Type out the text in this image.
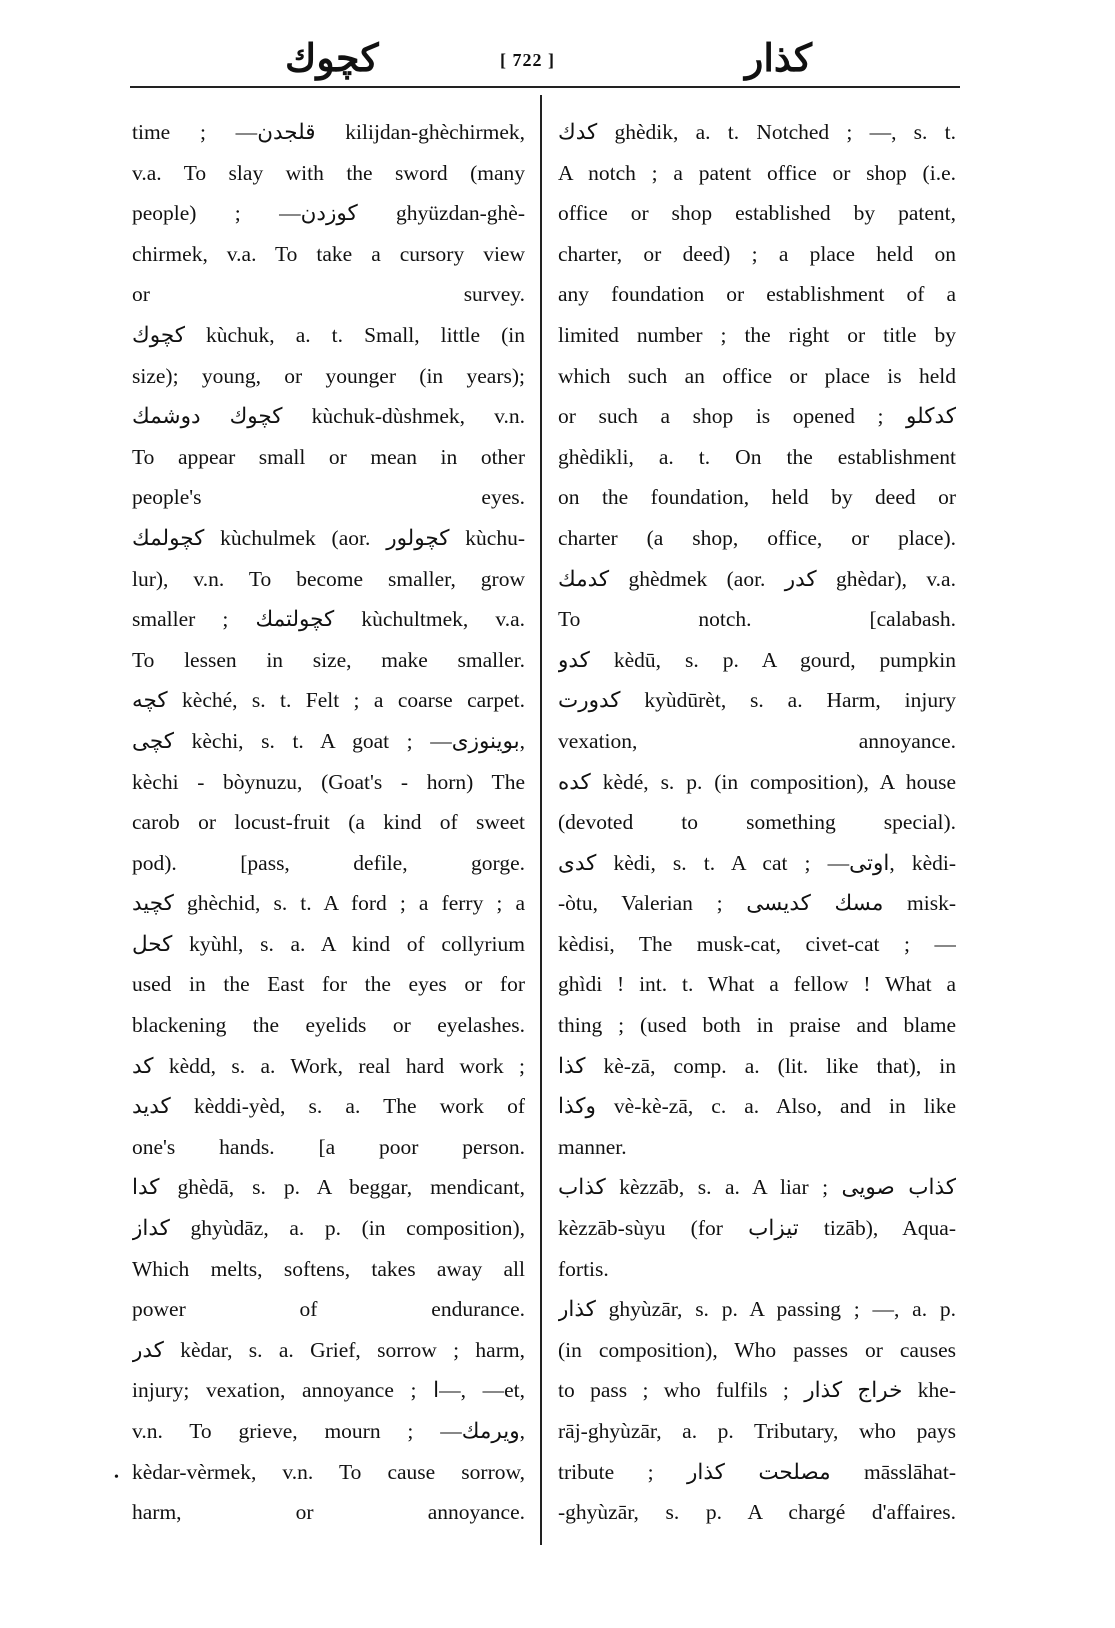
کچوك	[ 722 ]	کذار
time ; —قلجدن kilijdan-ghèchirmek,
v.a. To slay with the sword (many
people) ; —کوزدن ghyüzdan-ghè-
chirmek, v.a. To take a cursory view
or survey.
کچوك kùchuk, a. t. Small, little (in
size); young, or younger (in years);
کچوك دوشمك kùchuk-dùshmek, v.n.
To appear small or mean in other
people's eyes.
کچولمك kùchulmek (aor. کچولور kùchu-
lur), v.n. To become smaller, grow
smaller ; کچولتمك kùchultmek, v.a.
To lessen in size, make smaller.
کچه kèché, s. t. Felt ; a coarse carpet.
کچی kèchi, s. t. A goat ; —بوینوزی,
kèchi - bòynuzu, (Goat's - horn) The
carob or locust-fruit (a kind of sweet
pod). [pass, defile, gorge.
کچید ghèchid, s. t. A ford ; a ferry ; a
کحل kyùhl, s. a. A kind of collyrium
used in the East for the eyes or for
blackening the eyelids or eyelashes.
کد kèdd, s. a. Work, real hard work ;
کدید kèddi-yèd, s. a. The work of
one's hands. [a poor person.
کدا ghèdā, s. p. A beggar, mendicant,
کداز ghyùdāz, a. p. (in composition),
Which melts, softens, takes away all
power of endurance.
کدر kèdar, s. a. Grief, sorrow ; harm,
injury; vexation, annoyance ; ا—, —et,
v.n. To grieve, mourn ; —ویرمك,
kèdar-vèrmek, v.n. To cause sorrow,
harm, or annoyance.
کدك ghèdik, a. t. Notched ; —, s. t.
A notch ; a patent office or shop (i.e.
office or shop established by patent,
charter, or deed) ; a place held on
any foundation or establishment of a
limited number ; the right or title by
which such an office or place is held
or such a shop is opened ; کدکلو
ghèdikli, a. t. On the establishment
on the foundation, held by deed or
charter (a shop, office, or place).
کدمك ghèdmek (aor. کدر ghèdar), v.a.
To notch. [calabash.
کدو kèdū, s. p. A gourd, pumpkin
کدورت kyùdūrèt, s. a. Harm, injury
vexation, annoyance.
کده kèdé, s. p. (in composition), A house
(devoted to something special).
کدی kèdi, s. t. A cat ; —اوتی, kèdi-
-òtu, Valerian ; مسك کدیسی misk-
kèdisi, The musk-cat, civet-cat ; —
ghìdi ! int. t. What a fellow ! What a
thing ; (used both in praise and blame
کذا kè-zā, comp. a. (lit. like that), in
وکذا vè-kè-zā, c. a. Also, and in like
manner.
کذاب kèzzāb, s. a. A liar ; کذاب صویی
kèzzāb-sùyu (for تیزاب tizāb), Aqua-
fortis.
کذار ghyùzār, s. p. A passing ; —, a. p.
(in composition), Who passes or causes
to pass ; who fulfils ; خراج کذار khe-
rāj-ghyùzār, a. p. Tributary, who pays
tribute ; مصلحت کذار māsslāhat-
-ghyùzār, s. p. A chargé d'affaires.
•
